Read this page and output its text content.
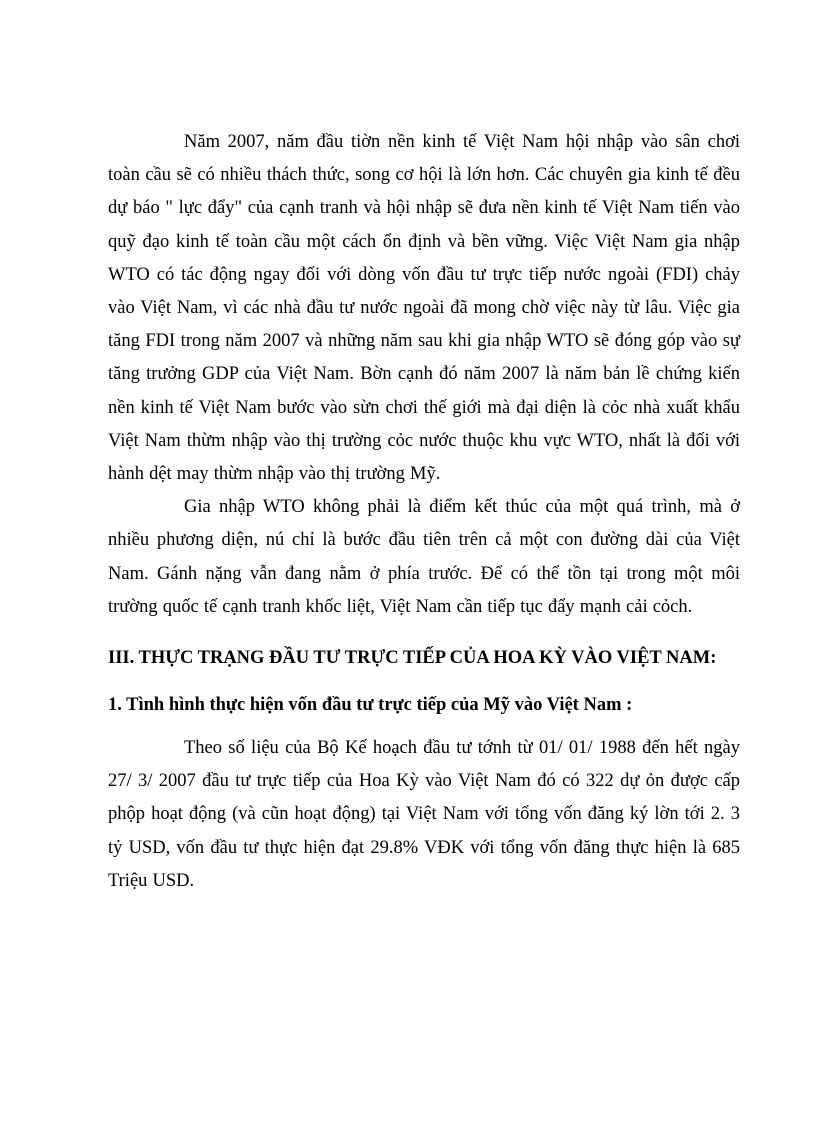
Năm 2007, năm đầu tiờn nền kinh tế Việt Nam hội nhập vào sân chơi toàn cầu sẽ có nhiều thách thức, song cơ hội là lớn hơn. Các chuyên gia kinh tế đều dự báo " lực đẩy" của cạnh tranh và hội nhập sẽ đưa nền kinh tế Việt Nam tiến vào quỹ đạo kinh tế toàn cầu một cách ổn định và bền vững. Việc Việt Nam gia nhập WTO có tác động ngay đối với dòng vốn đầu tư trực tiếp nước ngoài (FDI) chảy vào Việt Nam, vì các nhà đầu tư nước ngoài đã mong chờ việc này từ lâu. Việc gia tăng FDI trong năm 2007 và những năm sau khi gia nhập WTO sẽ đóng góp vào sự tăng trưởng GDP của Việt Nam. Bờn cạnh đó năm 2007 là năm bản lề chứng kiến nền kinh tế Việt Nam bước vào sừn chơi thế giới mà đại diện là cỏc nhà xuất khẩu Việt Nam thừm nhập vào thị trường cỏc nước thuộc khu vực WTO, nhất là đối với hành dệt may thừm nhập vào thị trường Mỹ.

Gia nhập WTO không phải là điểm kết thúc của một quá trình, mà ở nhiều phương diện, nú chỉ là bước đầu tiên trên cả một con đường dài của Việt Nam. Gánh nặng vẫn đang nằm ở phía trước. Để có thể tồn tại trong một môi trường quốc tế cạnh tranh khốc liệt, Việt Nam cần tiếp tục đẩy mạnh cải cỏch.

III. THỰC TRẠNG ĐẦU TƯ TRỰC TIẾP CỦA HOA KỲ VÀO VIỆT NAM:

1. Tình hình thực hiện vốn đầu tư trực tiếp của Mỹ vào Việt Nam :

Theo số liệu của Bộ Kế hoạch đầu tư tớnh từ 01/ 01/ 1988 đến hết ngày 27/ 3/ 2007 đầu tư trực tiếp của Hoa Kỳ vào Việt Nam đó có 322 dự ỏn được cấp phộp hoạt động (và cũn hoạt động) tại Việt Nam với tổng vốn đăng ký lờn tới 2. 3 tỷ USD, vốn đầu tư thực hiện đạt 29.8% VĐK với tổng vốn đăng thực hiện là 685 Triệu USD.
